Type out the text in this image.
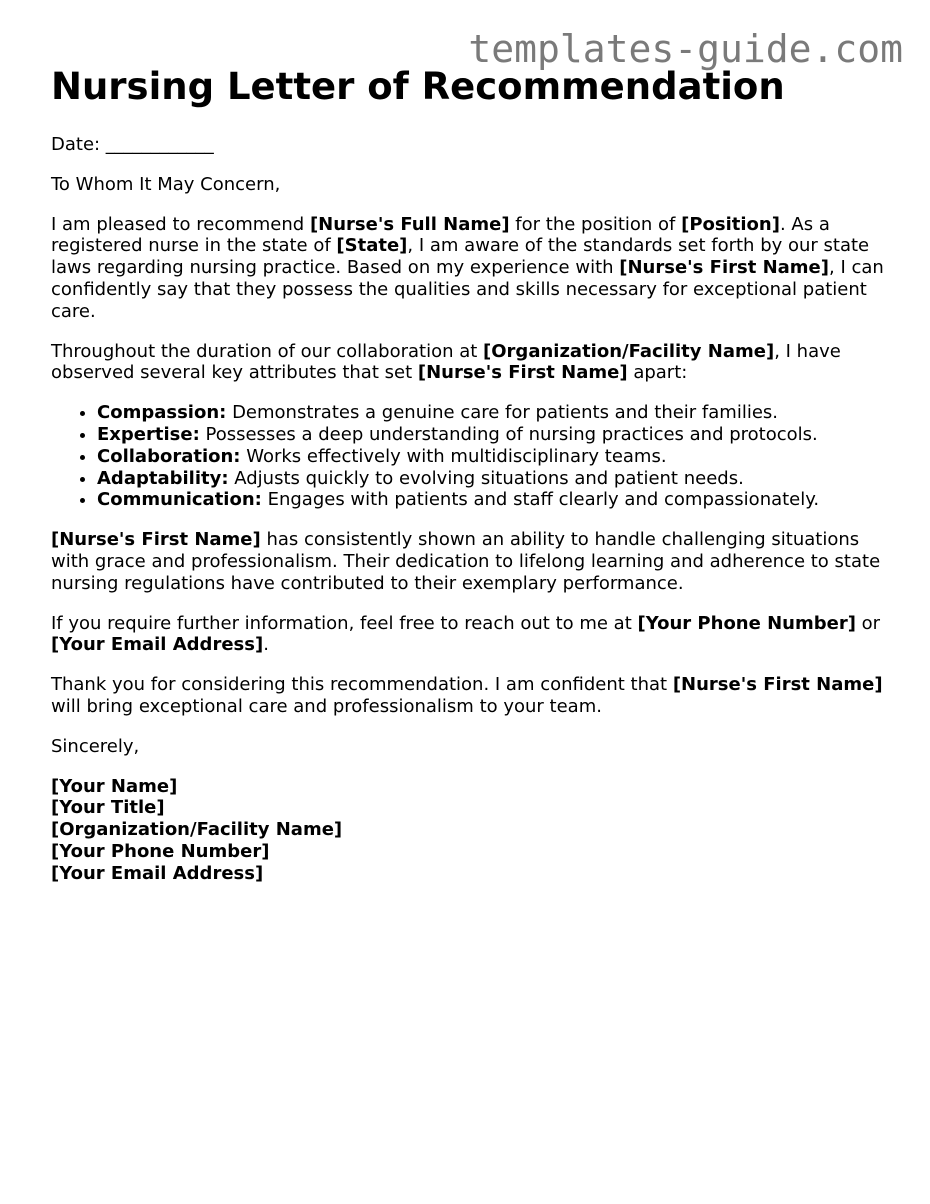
templates-guide.com
Nursing Letter of Recommendation

Date: ____________

To Whom It May Concern,

I am pleased to recommend [Nurse's Full Name] for the position of [Position]. As a registered nurse in the state of [State], I am aware of the standards set forth by our state laws regarding nursing practice. Based on my experience with [Nurse's First Name], I can confidently say that they possess the qualities and skills necessary for exceptional patient care.

Throughout the duration of our collaboration at [Organization/Facility Name], I have observed several key attributes that set [Nurse's First Name] apart:

• Compassion: Demonstrates a genuine care for patients and their families.
• Expertise: Possesses a deep understanding of nursing practices and protocols.
• Collaboration: Works effectively with multidisciplinary teams.
• Adaptability: Adjusts quickly to evolving situations and patient needs.
• Communication: Engages with patients and staff clearly and compassionately.

[Nurse's First Name] has consistently shown an ability to handle challenging situations with grace and professionalism. Their dedication to lifelong learning and adherence to state nursing regulations have contributed to their exemplary performance.

If you require further information, feel free to reach out to me at [Your Phone Number] or [Your Email Address].

Thank you for considering this recommendation. I am confident that [Nurse's First Name] will bring exceptional care and professionalism to your team.

Sincerely,

[Your Name]
[Your Title]
[Organization/Facility Name]
[Your Phone Number]
[Your Email Address]
